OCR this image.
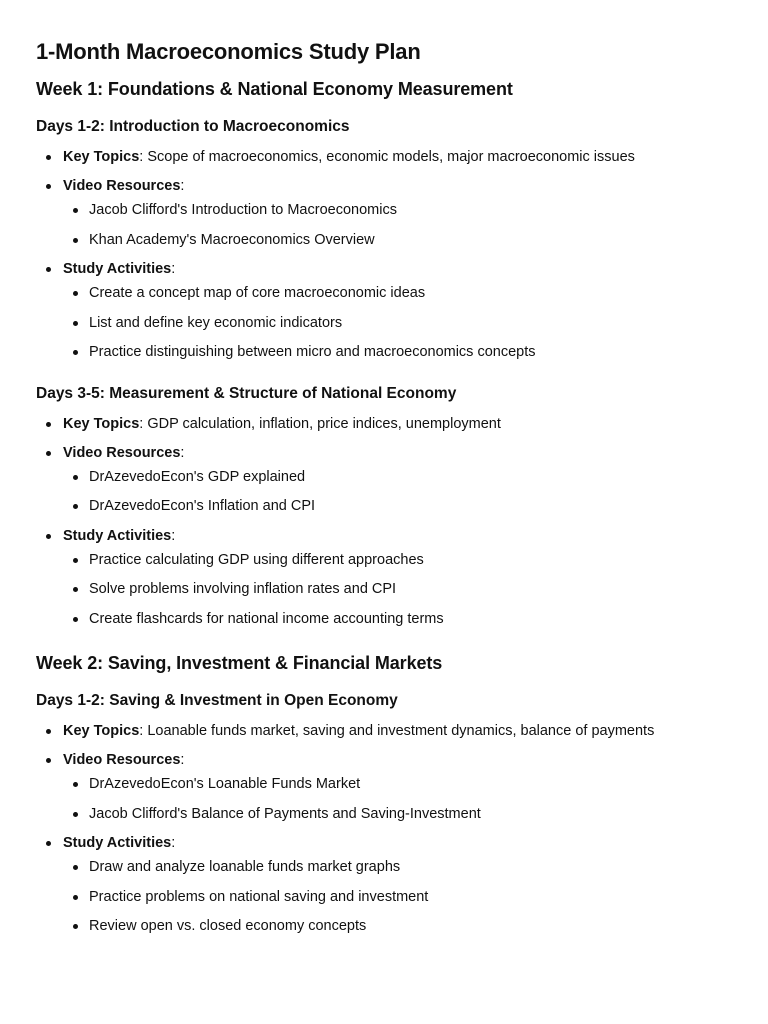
1-Month Macroeconomics Study Plan
Week 1: Foundations & National Economy Measurement
Days 1-2: Introduction to Macroeconomics
Key Topics: Scope of macroeconomics, economic models, major macroeconomic issues
Video Resources:
Jacob Clifford's Introduction to Macroeconomics
Khan Academy's Macroeconomics Overview
Study Activities:
Create a concept map of core macroeconomic ideas
List and define key economic indicators
Practice distinguishing between micro and macroeconomics concepts
Days 3-5: Measurement & Structure of National Economy
Key Topics: GDP calculation, inflation, price indices, unemployment
Video Resources:
DrAzevedoEcon's GDP explained
DrAzevedoEcon's Inflation and CPI
Study Activities:
Practice calculating GDP using different approaches
Solve problems involving inflation rates and CPI
Create flashcards for national income accounting terms
Week 2: Saving, Investment & Financial Markets
Days 1-2: Saving & Investment in Open Economy
Key Topics: Loanable funds market, saving and investment dynamics, balance of payments
Video Resources:
DrAzevedoEcon's Loanable Funds Market
Jacob Clifford's Balance of Payments and Saving-Investment
Study Activities:
Draw and analyze loanable funds market graphs
Practice problems on national saving and investment
Review open vs. closed economy concepts
